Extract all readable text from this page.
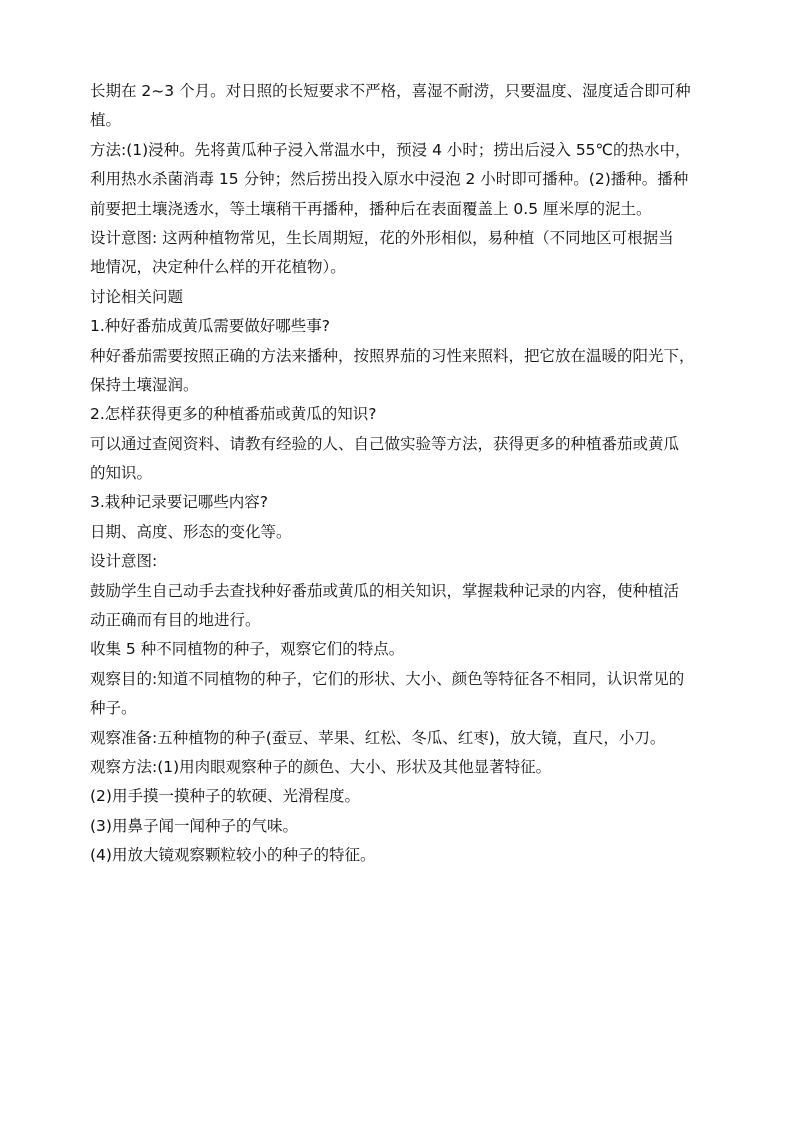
长期在 2~3 个月。对日照的长短要求不严格，喜湿不耐涝，只要温度、湿度适合即可种
植。
方法:(1)浸种。先将黄瓜种子浸入常温水中，预浸 4 小时；捞出后浸入 55℃的热水中，
利用热水杀菌消毒 15 分钟；然后捞出投入原水中浸泡 2 小时即可播种。(2)播种。播种
前要把土壤浇透水，等土壤稍干再播种，播种后在表面覆盖上 0.5 厘米厚的泥土。
设计意图: 这两种植物常见，生长周期短，花的外形相似，易种植（不同地区可根据当
地情况，决定种什么样的开花植物）。
讨论相关问题
1.种好番茄成黄瓜需要做好哪些事?
种好番茄需要按照正确的方法来播种，按照界茄的习性来照料，把它放在温暖的阳光下，
保持土壤湿润。
2.怎样获得更多的种植番茄或黄瓜的知识?
可以通过查阅资料、请教有经验的人、自己做实验等方法，获得更多的种植番茄或黄瓜
的知识。
3.栽种记录要记哪些内容?
日期、高度、形态的变化等。
设计意图:
鼓励学生自己动手去查找种好番茄或黄瓜的相关知识，掌握栽种记录的内容，使种植活
动正确而有目的地进行。
收集 5 种不同植物的种子，观察它们的特点。
观察目的:知道不同植物的种子，它们的形状、大小、颜色等特征各不相同，认识常见的
种子。
观察准备:五种植物的种子(蚕豆、苹果、红松、冬瓜、红枣)，放大镜，直尺，小刀。
观察方法:(1)用肉眼观察种子的颜色、大小、形状及其他显著特征。
(2)用手摸一摸种子的软硬、光滑程度。
(3)用鼻子闻一闻种子的气味。
(4)用放大镜观察颗粒较小的种子的特征。
